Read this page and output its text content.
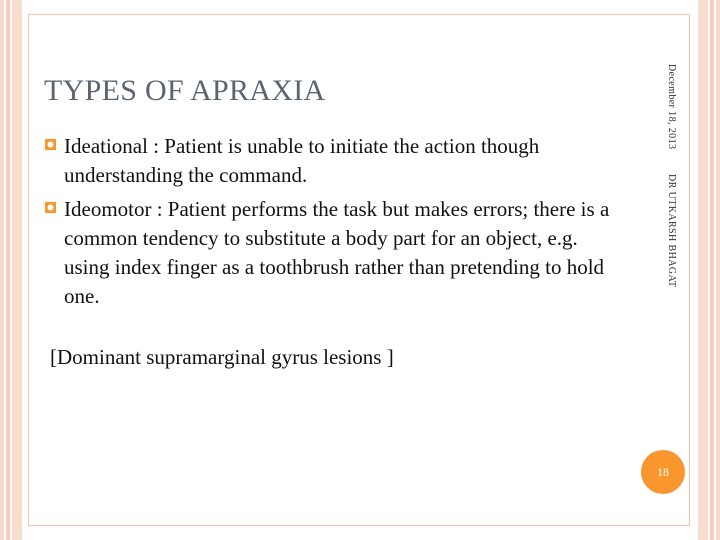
TYPES OF APRAXIA
Ideational : Patient is unable to initiate the action though understanding the command.
Ideomotor : Patient performs the task but makes errors; there is a common tendency to substitute a body part for an object, e.g. using index finger as a toothbrush rather than pretending to hold one.

[Dominant supramarginal gyrus lesions ]

December 18, 2013 DR UTKARSH BHAGAT
18
